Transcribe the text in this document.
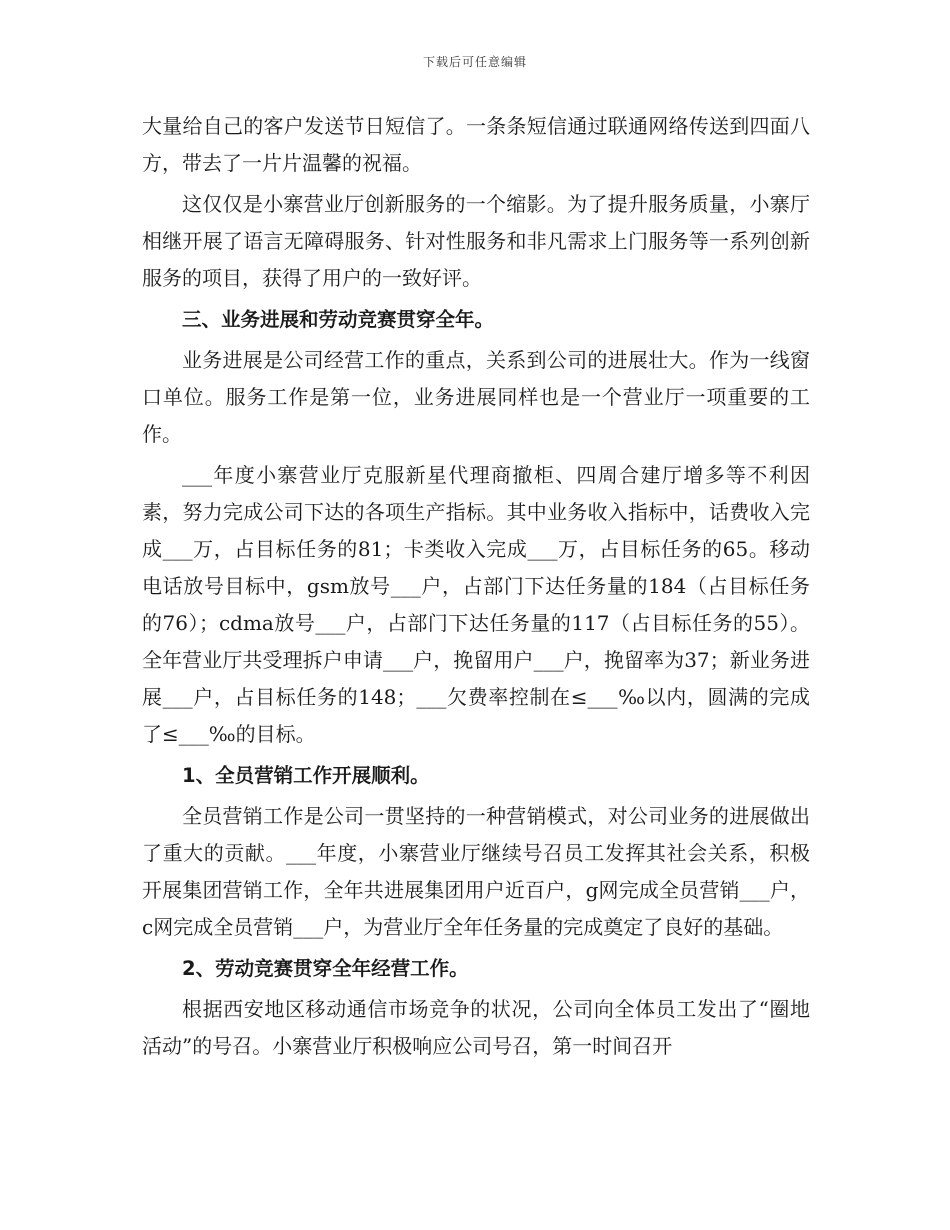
下载后可任意编辑

大量给自己的客户发送节日短信了。一条条短信通过联通网络传送到四面八方，带去了一片片温馨的祝福。

这仅仅是小寨营业厅创新服务的一个缩影。为了提升服务质量，小寨厅相继开展了语言无障碍服务、针对性服务和非凡需求上门服务等一系列创新服务的项目，获得了用户的一致好评。

三、业务进展和劳动竞赛贯穿全年。

业务进展是公司经营工作的重点，关系到公司的进展壮大。作为一线窗口单位。服务工作是第一位，业务进展同样也是一个营业厅一项重要的工作。

___年度小寨营业厅克服新星代理商撤柜、四周合建厅增多等不利因素，努力完成公司下达的各项生产指标。其中业务收入指标中，话费收入完成___万，占目标任务的81；卡类收入完成___万，占目标任务的65。移动电话放号目标中，gsm放号___户，占部门下达任务量的184（占目标任务的76）；cdma放号___户，占部门下达任务量的117（占目标任务的55）。全年营业厅共受理拆户申请___户，挽留用户___户，挽留率为37；新业务进展___户，占目标任务的148；___欠费率控制在≤___‰以内，圆满的完成了≤___‰的目标。

1、全员营销工作开展顺利。

全员营销工作是公司一贯坚持的一种营销模式，对公司业务的进展做出了重大的贡献。___年度，小寨营业厅继续号召员工发挥其社会关系，积极开展集团营销工作，全年共进展集团用户近百户，g网完成全员营销___户，c网完成全员营销___户，为营业厅全年任务量的完成奠定了良好的基础。

2、劳动竞赛贯穿全年经营工作。

根据西安地区移动通信市场竞争的状况，公司向全体员工发出了“圈地活动”的号召。小寨营业厅积极响应公司号召，第一时间召开
